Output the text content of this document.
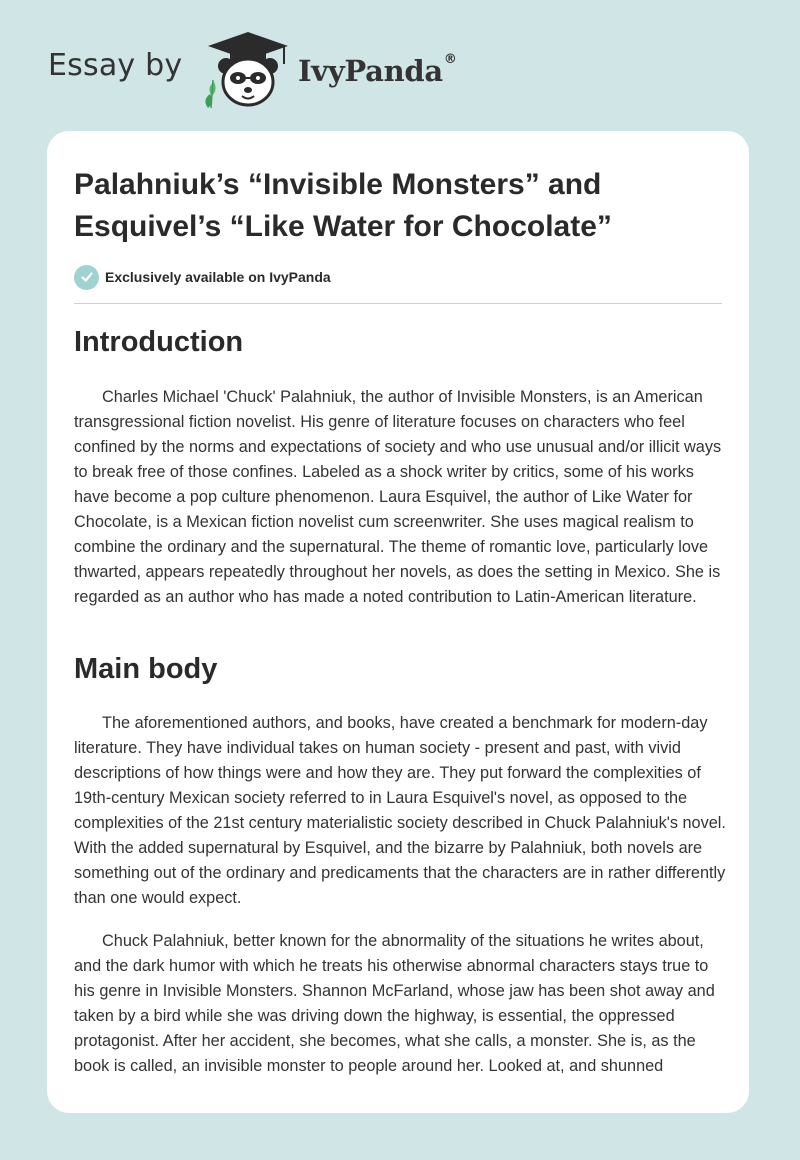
Essay by	IvyPanda®
Palahniuk’s “Invisible Monsters” and Esquivel’s “Like Water for Chocolate”
Exclusively available on IvyPanda
Introduction

Charles Michael 'Chuck' Palahniuk, the author of Invisible Monsters, is an American transgressional fiction novelist. His genre of literature focuses on characters who feel confined by the norms and expectations of society and who use unusual and/or illicit ways to break free of those confines. Labeled as a shock writer by critics, some of his works have become a pop culture phenomenon. Laura Esquivel, the author of Like Water for Chocolate, is a Mexican fiction novelist cum screenwriter. She uses magical realism to combine the ordinary and the supernatural. The theme of romantic love, particularly love thwarted, appears repeatedly throughout her novels, as does the setting in Mexico. She is regarded as an author who has made a noted contribution to Latin-American literature.

Main body

The aforementioned authors, and books, have created a benchmark for modern-day literature. They have individual takes on human society - present and past, with vivid descriptions of how things were and how they are. They put forward the complexities of 19th-century Mexican society referred to in Laura Esquivel's novel, as opposed to the complexities of the 21st century materialistic society described in Chuck Palahniuk's novel. With the added supernatural by Esquivel, and the bizarre by Palahniuk, both novels are something out of the ordinary and predicaments that the characters are in rather differently than one would expect.

Chuck Palahniuk, better known for the abnormality of the situations he writes about, and the dark humor with which he treats his otherwise abnormal characters stays true to his genre in Invisible Monsters. Shannon McFarland, whose jaw has been shot away and taken by a bird while she was driving down the highway, is essential, the oppressed protagonist. After her accident, she becomes, what she calls, a monster. She is, as the book is called, an invisible monster to people around her. Looked at, and shunned
